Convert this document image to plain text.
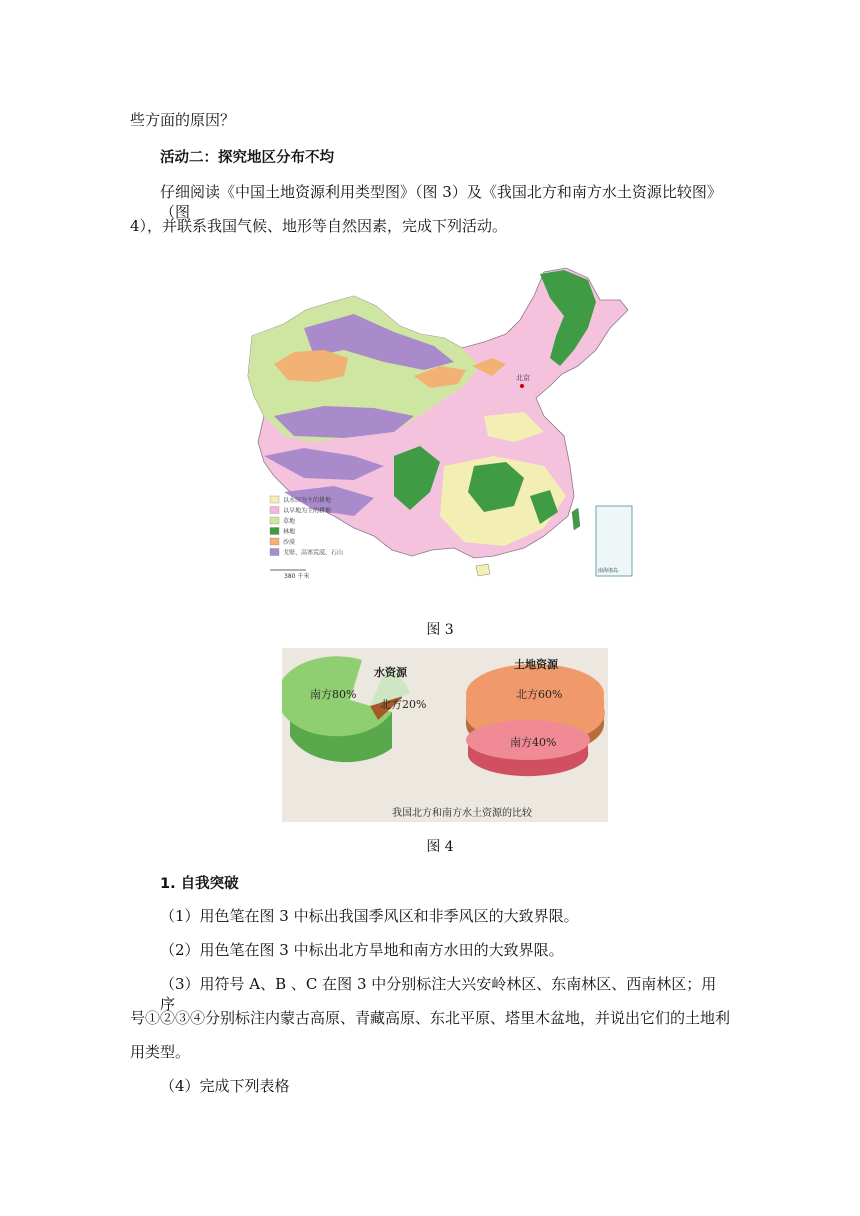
些方面的原因？

活动二：探究地区分布不均

仔细阅读《中国土地资源利用类型图》（图 3）及《我国北方和南方水土资源比较图》（图

4），并联系我国气候、地形等自然因素，完成下列活动。

北京
南海诸岛
以水田为主的耕地
以旱地为主的耕地
草地
林地
沙漠
戈壁、高寒荒漠、石山
380 千米
图 3
水资源
南方80%
北方20%
土地资源
北方60%
南方40%
我国北方和南方水土资源的比较
图 4

1. 自我突破

（1）用色笔在图 3 中标出我国季风区和非季风区的大致界限。

（2）用色笔在图 3 中标出北方旱地和南方水田的大致界限。

（3）用符号 A、B 、C 在图 3 中分别标注大兴安岭林区、东南林区、西南林区；用序

号①②③④分别标注内蒙古高原、青藏高原、东北平原、塔里木盆地，并说出它们的土地利

用类型。

（4）完成下列表格
